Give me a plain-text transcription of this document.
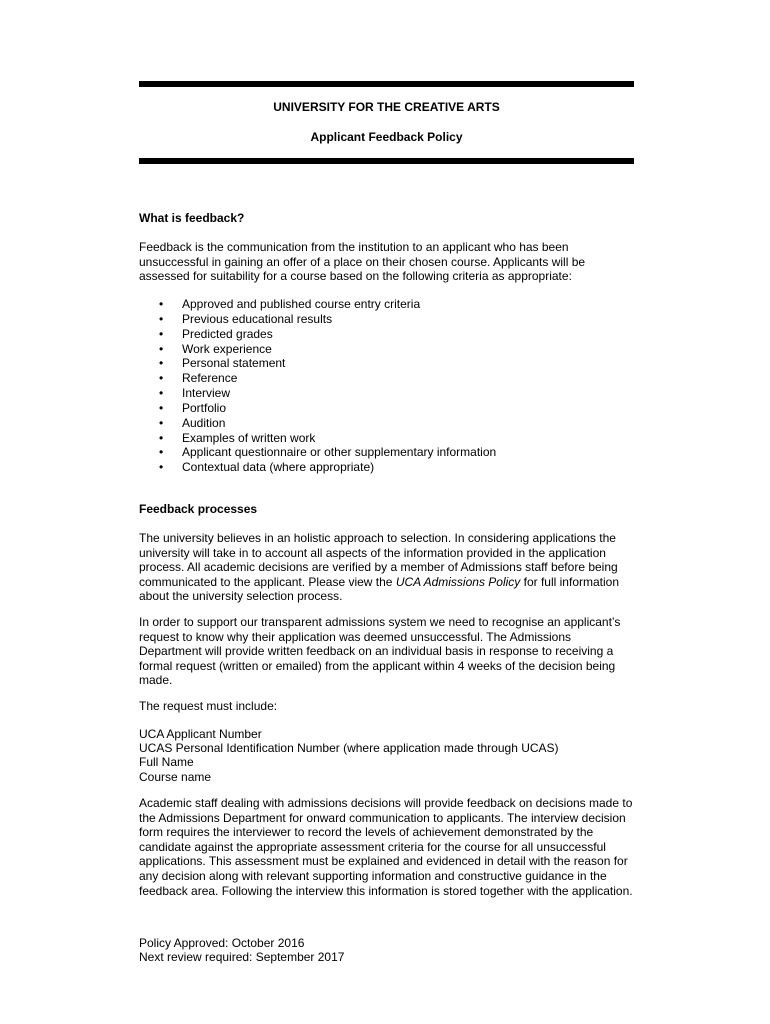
UNIVERSITY FOR THE CREATIVE ARTS
Applicant Feedback Policy
What is feedback?

Feedback is the communication from the institution to an applicant who has been unsuccessful in gaining an offer of a place on their chosen course. Applicants will be assessed for suitability for a course based on the following criteria as appropriate:

• Approved and published course entry criteria
• Previous educational results
• Predicted grades
• Work experience
• Personal statement
• Reference
• Interview
• Portfolio
• Audition
• Examples of written work
• Applicant questionnaire or other supplementary information
• Contextual data (where appropriate)
Feedback processes

The university believes in an holistic approach to selection. In considering applications the university will take in to account all aspects of the information provided in the application process. All academic decisions are verified by a member of Admissions staff before being communicated to the applicant. Please view the UCA Admissions Policy for full information about the university selection process.

In order to support our transparent admissions system we need to recognise an applicant’s request to know why their application was deemed unsuccessful. The Admissions Department will provide written feedback on an individual basis in response to receiving a formal request (written or emailed) from the applicant within 4 weeks of the decision being made.

The request must include:

UCA Applicant Number
UCAS Personal Identification Number (where application made through UCAS)
Full Name
Course name

Academic staff dealing with admissions decisions will provide feedback on decisions made to the Admissions Department for onward communication to applicants. The interview decision form requires the interviewer to record the levels of achievement demonstrated by the candidate against the appropriate assessment criteria for the course for all unsuccessful applications. This assessment must be explained and evidenced in detail with the reason for any decision along with relevant supporting information and constructive guidance in the feedback area. Following the interview this information is stored together with the application.

Policy Approved: October 2016
Next review required: September 2017
